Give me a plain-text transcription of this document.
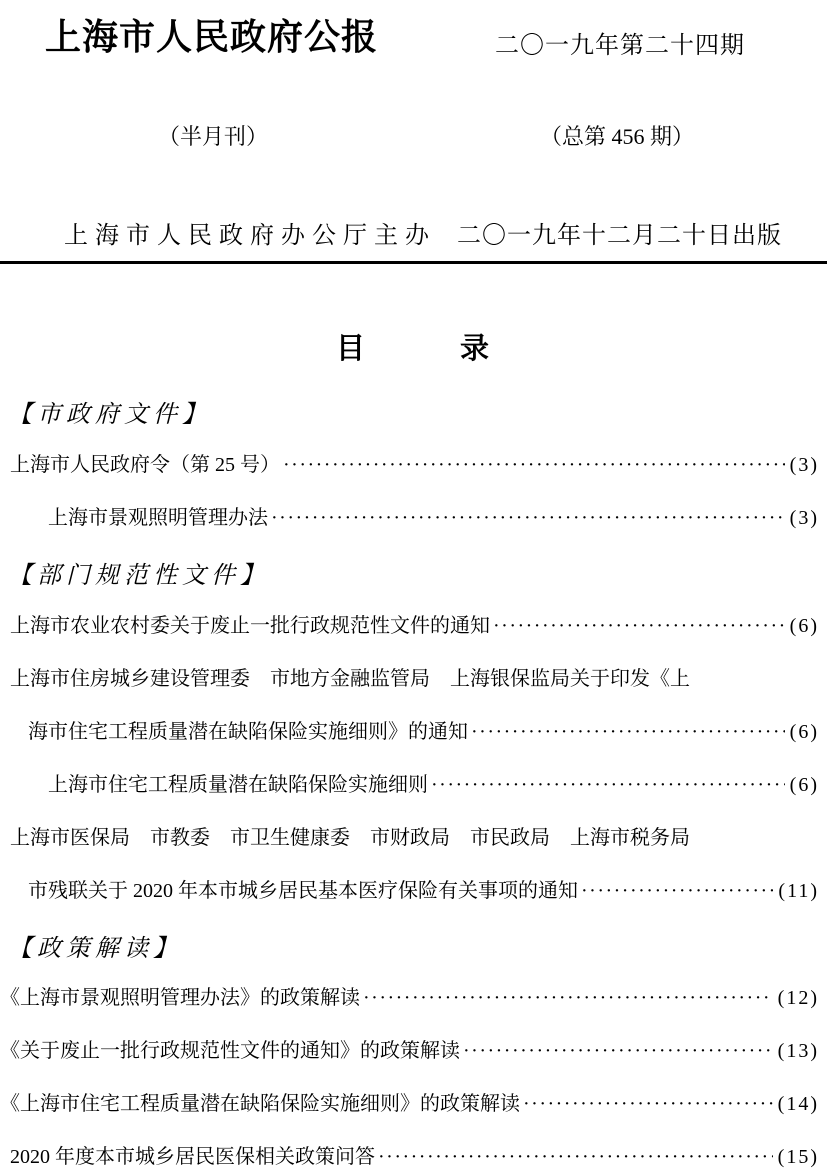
上海市人民政府公报	二〇一九年第二十四期
（半月刊）	（总第 456 期）
上海市人民政府办公厅主办 二〇一九年十二月二十日出版
目　　　录
【市政府文件】
上海市人民政府令（第 25 号） ·····	(3)
上海市景观照明管理办法 ·····	(3)
【部门规范性文件】
上海市农业农村委关于废止一批行政规范性文件的通知 ·····	(6)
上海市住房城乡建设管理委　市地方金融监管局　上海银保监局关于印发《上
海市住宅工程质量潜在缺陷保险实施细则》的通知 ·····	(6)
上海市住宅工程质量潜在缺陷保险实施细则 ·····	(6)
上海市医保局　市教委　市卫生健康委　市财政局　市民政局　上海市税务局
市残联关于 2020 年本市城乡居民基本医疗保险有关事项的通知 ·····	(11)
【政策解读】
《上海市景观照明管理办法》的政策解读 ·····	(12)
《关于废止一批行政规范性文件的通知》的政策解读 ·····	(13)
《上海市住宅工程质量潜在缺陷保险实施细则》的政策解读 ·····	(14)
2020 年度本市城乡居民医保相关政策问答 ·····	(15)
